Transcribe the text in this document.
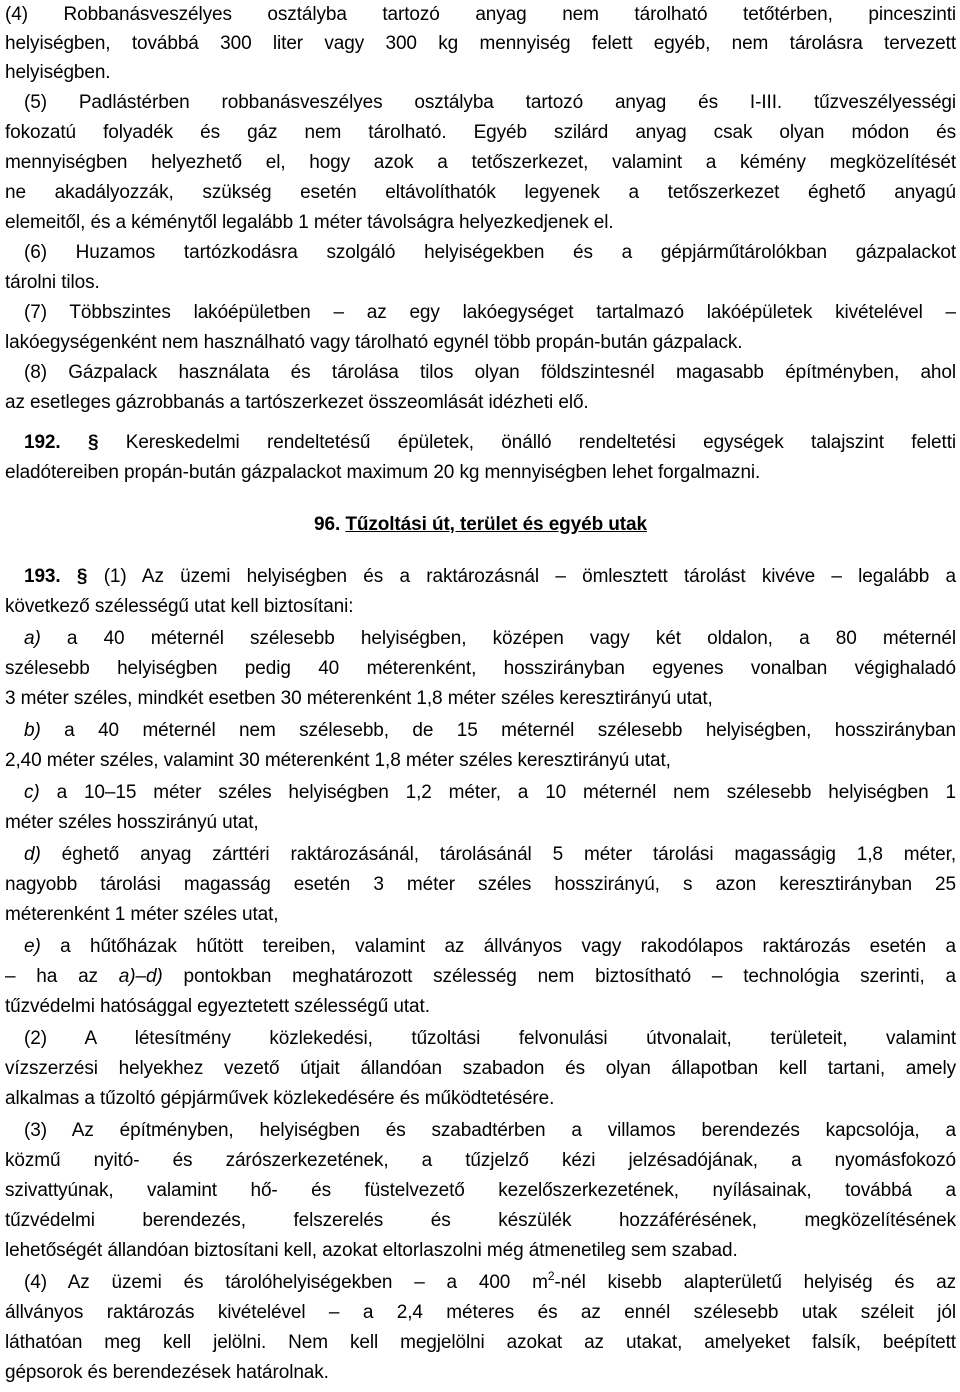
(4) Robbanásveszélyes osztályba tartozó anyag nem tárolható tetőtérben, pinceszinti
helyiségben, továbbá 300 liter vagy 300 kg mennyiség felett egyéb, nem tárolásra tervezett
helyiségben.
(5) Padlástérben robbanásveszélyes osztályba tartozó anyag és I-III. tűzveszélyességi
fokozatú folyadék és gáz nem tárolható. Egyéb szilárd anyag csak olyan módon és
mennyiségben helyezhető el, hogy azok a tetőszerkezet, valamint a kémény megközelítését
ne akadályozzák, szükség esetén eltávolíthatók legyenek a tetőszerkezet éghető anyagú
elemeitől, és a kéménytől legalább 1 méter távolságra helyezkedjenek el.
(6) Huzamos tartózkodásra szolgáló helyiségekben és a gépjárműtárolókban gázpalackot
tárolni tilos.
(7) Többszintes lakóépületben – az egy lakóegységet tartalmazó lakóépületek kivételével –
lakóegységenként nem használható vagy tárolható egynél több propán-bután gázpalack.
(8) Gázpalack használata és tárolása tilos olyan földszintesnél magasabb építményben, ahol
az esetleges gázrobbanás a tartószerkezet összeomlását idézheti elő.
192. § Kereskedelmi rendeltetésű épületek, önálló rendeltetési egységek talajszint feletti
eladótereiben propán-bután gázpalackot maximum 20 kg mennyiségben lehet forgalmazni.
96. Tűzoltási út, terület és egyéb utak
193. § (1) Az üzemi helyiségben és a raktározásnál – ömlesztett tárolást kivéve – legalább a
következő szélességű utat kell biztosítani:
a) a 40 méternél szélesebb helyiségben, középen vagy két oldalon, a 80 méternél
szélesebb helyiségben pedig 40 méterenként, hosszirányban egyenes vonalban végighaladó
3 méter széles, mindkét esetben 30 méterenként 1,8 méter széles keresztirányú utat,
b) a 40 méternél nem szélesebb, de 15 méternél szélesebb helyiségben, hosszirányban
2,40 méter széles, valamint 30 méterenként 1,8 méter széles keresztirányú utat,
c) a 10–15 méter széles helyiségben 1,2 méter, a 10 méternél nem szélesebb helyiségben 1
méter széles hosszirányú utat,
d) éghető anyag zárttéri raktározásánál, tárolásánál 5 méter tárolási magasságig 1,8 méter,
nagyobb tárolási magasság esetén 3 méter széles hosszirányú, s azon keresztirányban 25
méterenként 1 méter széles utat,
e) a hűtőházak hűtött tereiben, valamint az állványos vagy rakodólapos raktározás esetén a
– ha az a)–d) pontokban meghatározott szélesség nem biztosítható – technológia szerinti, a
tűzvédelmi hatósággal egyeztetett szélességű utat.
(2) A létesítmény közlekedési, tűzoltási felvonulási útvonalait, területeit, valamint
vízszerzési helyekhez vezető útjait állandóan szabadon és olyan állapotban kell tartani, amely
alkalmas a tűzoltó gépjárművek közlekedésére és működtetésére.
(3) Az építményben, helyiségben és szabadtérben a villamos berendezés kapcsolója, a
közmű nyitó- és zárószerkezetének, a tűzjelző kézi jelzésadójának, a nyomásfokozó
szivattyúnak, valamint hő- és füstelvezető kezelőszerkezetének, nyílásainak, továbbá a
tűzvédelmi berendezés, felszerelés és készülék hozzáférésének, megközelítésének
lehetőségét állandóan biztosítani kell, azokat eltorlaszolni még átmenetileg sem szabad.
(4) Az üzemi és tárolóhelyiségekben – a 400 $m^2$-nél kisebb alapterületű helyiség és az
állványos raktározás kivételével – a 2,4 méteres és az ennél szélesebb utak széleit jól
láthatóan meg kell jelölni. Nem kell megjelölni azokat az utakat, amelyeket falsík, beépített
gépsorok és berendezések határolnak.
